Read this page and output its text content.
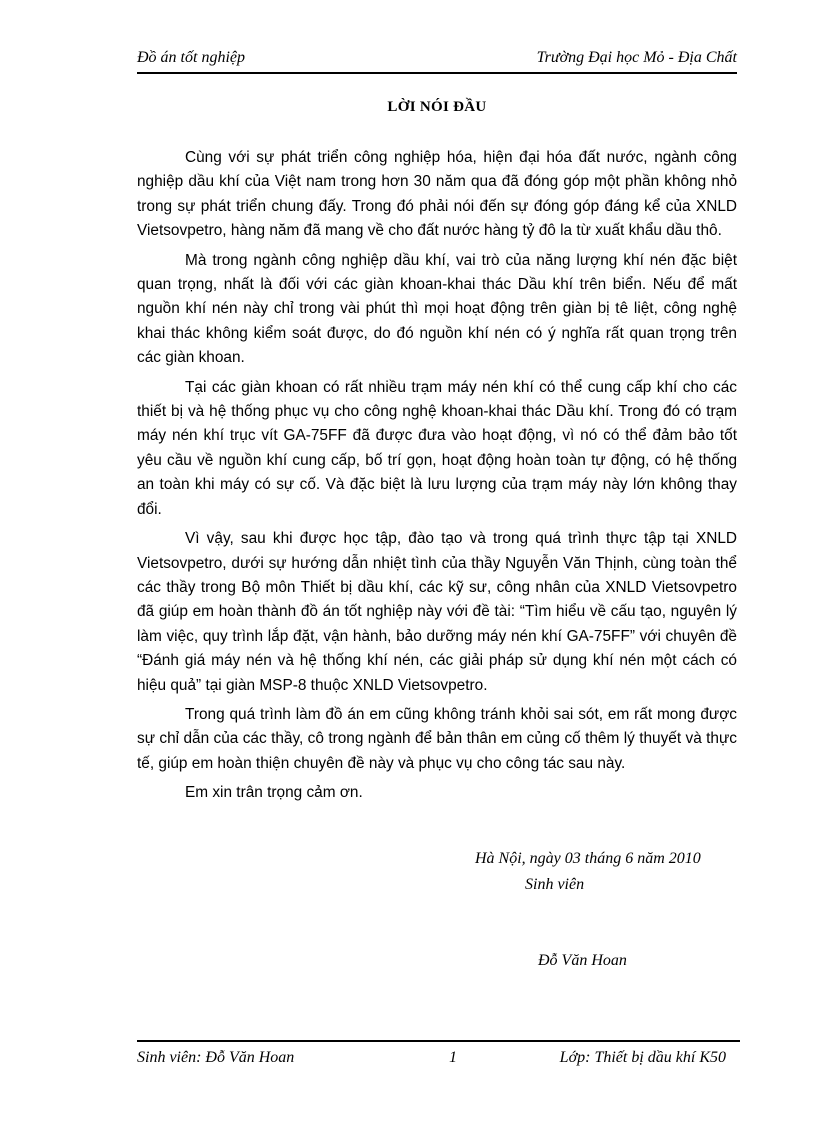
Đồ án tốt nghiệp	Trường Đại học Mỏ - Địa Chất
LỜI NÓI ĐẦU

Cùng với sự phát triển công nghiệp hóa, hiện đại hóa đất nước, ngành công nghiệp dầu khí của Việt nam trong hơn 30 năm qua đã đóng góp một phần không nhỏ trong sự phát triển chung đấy. Trong đó phải nói đến sự đóng góp đáng kể của XNLD Vietsovpetro, hàng năm đã mang về cho đất nước hàng tỷ đô la từ xuất khẩu dầu thô.

Mà trong ngành công nghiệp dầu khí, vai trò của năng lượng khí nén đặc biệt quan trọng, nhất là đối với các giàn khoan-khai thác Dầu khí trên biển. Nếu để mất nguồn khí nén này chỉ trong vài phút thì mọi hoạt động trên giàn bị tê liệt, công nghệ khai thác không kiểm soát được, do đó nguồn khí nén có ý nghĩa rất quan trọng trên các giàn khoan.

Tại các giàn khoan có rất nhiều trạm máy nén khí có thể cung cấp khí cho các thiết bị và hệ thống phục vụ cho công nghệ khoan-khai thác Dầu khí. Trong đó có trạm máy nén khí trục vít GA-75FF đã được đưa vào hoạt động, vì nó có thể đảm bảo tốt yêu cầu về nguồn khí cung cấp, bố trí gọn, hoạt động hoàn toàn tự động, có hệ thống an toàn khi máy có sự cố. Và đặc biệt là lưu lượng của trạm máy này lớn không thay đổi.

Vì vậy, sau khi được học tập, đào tạo và trong quá trình thực tập tại XNLD Vietsovpetro, dưới sự hướng dẫn nhiệt tình của thầy Nguyễn Văn Thịnh, cùng toàn thể các thầy trong Bộ môn Thiết bị dầu khí, các kỹ sư, công nhân của XNLD Vietsovpetro đã giúp em hoàn thành đồ án tốt nghiệp này với đề tài: “Tìm hiểu về cấu tạo, nguyên lý làm việc, quy trình lắp đặt, vận hành, bảo dưỡng máy nén khí GA-75FF” với chuyên đề “Đánh giá máy nén và hệ thống khí nén, các giải pháp sử dụng khí nén một cách có hiệu quả” tại giàn MSP-8 thuộc XNLD Vietsovpetro.

Trong quá trình làm đồ án em cũng không tránh khỏi sai sót, em rất mong được sự chỉ dẫn của các thầy, cô trong ngành để bản thân em củng cố thêm lý thuyết và thực tế, giúp em hoàn thiện chuyên đề này và phục vụ cho công tác sau này.

Em xin trân trọng cảm ơn.

Hà Nội, ngày 03 tháng 6 năm 2010
Sinh viên
Đỗ Văn Hoan
Sinh viên: Đỗ Văn Hoan	1	Lớp: Thiết bị dầu khí K50
